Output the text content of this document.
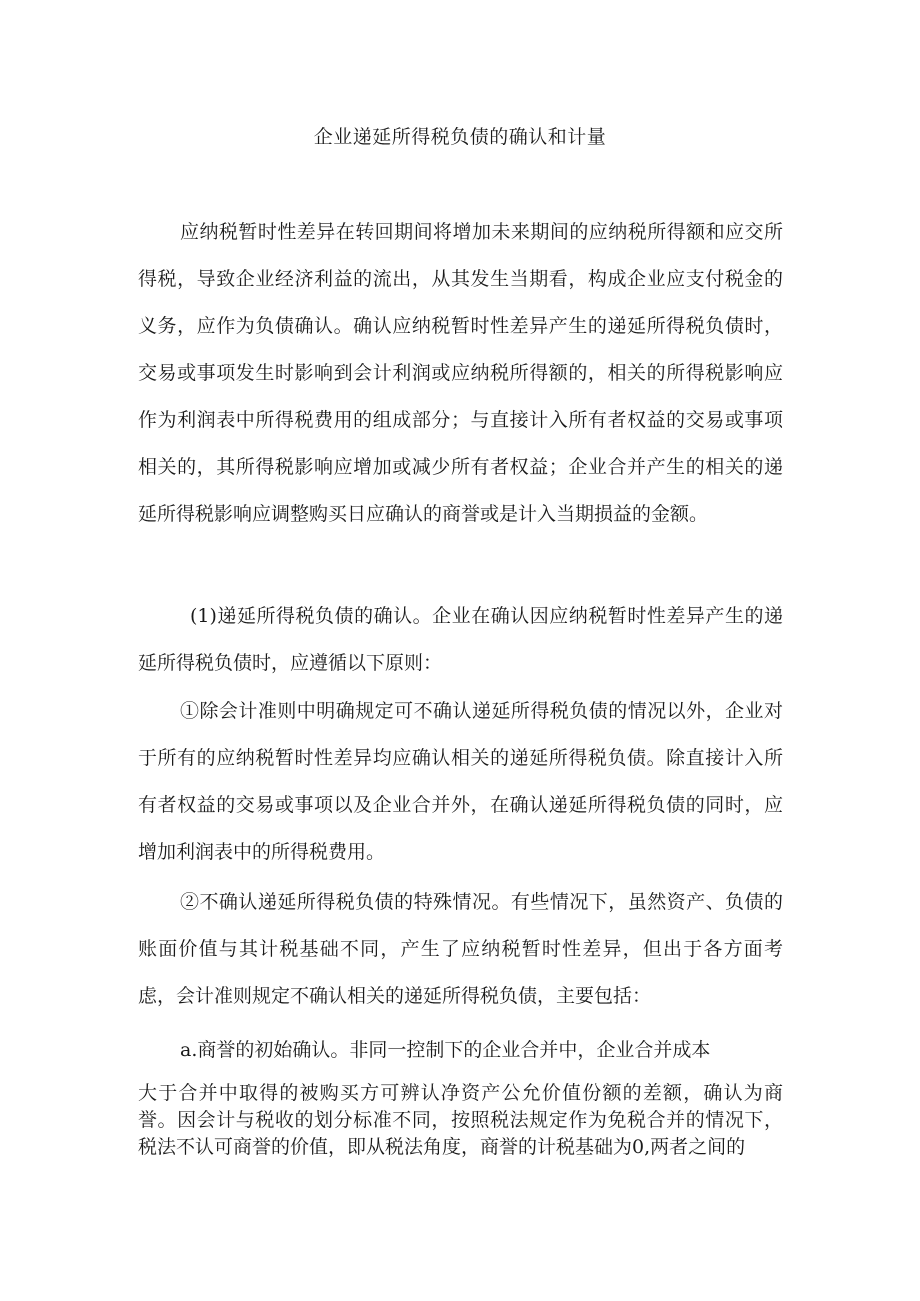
企业递延所得税负债的确认和计量

应纳税暂时性差异在转回期间将增加未来期间的应纳税所得额和应交所得税，导致企业经济利益的流出，从其发生当期看，构成企业应支付税金的义务，应作为负债确认。确认应纳税暂时性差异产生的递延所得税负债时，交易或事项发生时影响到会计利润或应纳税所得额的，相关的所得税影响应作为利润表中所得税费用的组成部分；与直接计入所有者权益的交易或事项相关的，其所得税影响应增加或减少所有者权益；企业合并产生的相关的递延所得税影响应调整购买日应确认的商誉或是计入当期损益的金额。

(1)递延所得税负债的确认。企业在确认因应纳税暂时性差异产生的递延所得税负债时，应遵循以下原则：

①除会计准则中明确规定可不确认递延所得税负债的情况以外，企业对于所有的应纳税暂时性差异均应确认相关的递延所得税负债。除直接计入所有者权益的交易或事项以及企业合并外，在确认递延所得税负债的同时，应增加利润表中的所得税费用。

②不确认递延所得税负债的特殊情况。有些情况下，虽然资产、负债的账面价值与其计税基础不同，产生了应纳税暂时性差异，但出于各方面考虑，会计准则规定不确认相关的递延所得税负债，主要包括：

a.商誉的初始确认。非同一控制下的企业合并中，企业合并成本

大于合并中取得的被购买方可辨认净资产公允价值份额的差额，确认为商誉。因会计与税收的划分标准不同，按照税法规定作为免税合并的情况下，税法不认可商誉的价值，即从税法角度，商誉的计税基础为0,两者之间的
